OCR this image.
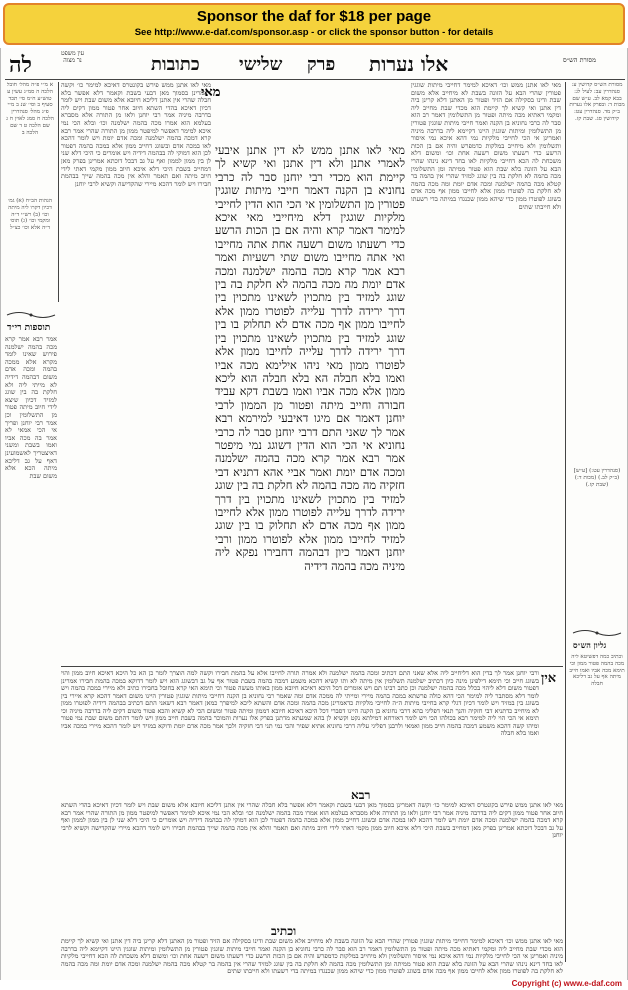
Sponsor the daf for $18 per page
See http://www.e-daf.com/sponsor.asp - or click the sponsor button - for details
לה	עין משפט
נר מצוה	כתובות שלישי פרק אלו נערות	מסורת הש״ס
א מ״י פ״ה מהל׳ חובל הלכה ה סמ״ג עשין ע טוש״ע ח״מ סי׳ תכד סעיף ב וסי׳ שנ ב מ״י פ״ג מהל׳ סנהדרין הלכה ח סמג לאוין ח ג שם הלכה ט ד שם הלכה ב
הגהות הב״ח (א) גמ׳ דכיון דקרו ליה מיתה וכו׳ (ב) רש״י ד״ה ומקמי וכו׳ (ג) תוס׳ ד״ה אלא וכו׳ כצ״ל
תוספות רי״ד
אמר רבא אמר קרא מכה בהמה ישלמנה פירוש שאינו לומד מקרא אלא ממכה בהמה ומכה אדם משום דבהמה דידיה לא מייתי ליה ולא חלקת בה בין שוגג למזיד דכיון שיצא לידי חיוב מיתה פטור מן התשלומין וכן אמר רבי יוחנן ופריך אי הכי אמאי לא אמר בה מכה אביו ואמו בשבת ומשני דאיצטריך לאשמועינן דאף על גב דליכא מיתה הכא אלא משום שבת
מאי לאו אתנן ממש פירש בקונטרס דאיכא למימר כו׳ וקשה דאמרינן בסמוך מאן דבעי בשבת וקאמר דלא אפשר בלא חבלה שהרי אין אתנן דליכא חיובא אלא משום שבת ויש לומר דכיון דאיכא בהדי השתא חיוב אחר פטור ממון דקים ליה בדרבה מיניה אמר רבי יוחנן ולאו מן התורה אלא מסברא בעלמא הוא אמרו מכה בהמה ישלמנה וכו׳ ובלא הכי נמי איכא למימר דאפשר למיפטר ממון מן התורה שהרי אמר רבא קרא דמכה בהמה ישלמנה ומכה אדם יומת ויש לומר דהכא לאו במכה אדם ובשוגג דחייב ממון אלא במכה בהמה דפטור לכן הוא דמוקי לה בבהמה דידיה ויש אומרים כי היכי דלא שני לן בין ממון לממון ואף על גב דבכל דוכתא אמרינן בפרק מאן דמחייב בשבת היכי דלא איכא חיוב ממון מקמי דאתי לידי חיוב מיתה ואם תאמר והלא אין מכה בהמה שייך בבהמת חבירו ויש לומר דהכא מיירי שהקדישה וקשיא לרבי יוחנן
מאי
מאי לאו אתנן ממש לא דין אתנן איבעי לאמרי אתנן ולא דין אתנן ואי קשיא לך קיימת הוא מכדי רבי יוחנן סבר לה כרבי נחוניא בן הקנה דאמר חייבי מיתות שוגגין פטורין מן התשלומין אי הכי הוא הדין לחייבי מלקיות שוגגין דלא מיחייבי מאי איכא למימר דאמר קרא והיה אם בן הכות הרשע כדי רשעתו משום רשעה אחת אתה מחייבו ואי אתה מחייבו משום שתי רשעיות ואמר רבא אמר קרא מכה בהמה ישלמנה ומכה אדם יומת מה מכה בהמה לא חלקת בה בין שוגג למזיד בין מתכוין לשאינו מתכוין בין דרך ירידה לדרך עלייה לפוטרו ממון אלא לחייבו ממון אף מכה אדם לא תחלוק בו בין שוגג למזיד בין מתכוין לשאינו מתכוין בין דרך ירידה לדרך עלייה לחייבו ממון אלא לפוטרו ממון מאי ניהו אילימא מכה אביו ואמו בלא חבלה הא בלא חבלה הוא ליכא ממון אלא מכה אביו ואמו בשבת דקא עביד חבורה וחייב מיתה ופטור מן הממון לרבי יוחנן דאמר אם מיגו דאיבעי למירמא רבא אמר לך שאני התם דרבי יוחנן סבר לה כרבי נחוניא אי הכי הוא הדין דשוגג נמי מיפטר אמר רבא אמר קרא מכה בהמה ישלמנה ומכה אדם יומת ואמר אביי אהא דתניא דבי חזקיה מה מכה בהמה לא חלקת בה בין שוגג למזיד בין מתכוין לשאינו מתכוין בין דרך ירידה לדרך עלייה לפוטרו ממון אלא לחייבו ממון אף מכה אדם לא תחלוק בו בין שוגג למזיד לחייבו ממון אלא לפוטרו ממון ורבי יוחנן דאמר כיון דבהמה דחבירו נפקא ליה מיניה מכה בהמה דידיה
מאי לאו אתנן ממש וכו׳ דאיכא למימר דחייבי מיתות שוגגין פטורין שהרי הבא על הזונה בשבת לא מיחייב אלא משום שבת ודינו בסקילה אם הזיד ופטור מן האתנן דלא קרינן ביה דין אתנן ואי קשיא לך קיימת הוא מכדי שבת מחייב ליה ומקמי דאתיא מכה מיתה ופטור מן התשלומין דאמר רב הוא סבר לה כרבי נחוניא בן הקנה ואמר חייבי מיתות שוגגין פטורין מן התשלומין ומיתות שוגגין היינו דקיימא ליה בדרבה מיניה ואמרינן אי הכי לחייבי מלקיות נמי דהא איכא נמי איסור ותשלומין ולא מיחייב במלקות כדמפרש והיה אם בן הכות הרשע כדי רשעתו משום רשעה אחת וכו׳ ומשום דלא משכחת לה הכא דחייבי מלקיות לאו בחד דינא נינהו שהרי הבא על הזונה בלא שבת הוא פטור ממיתה ומן התשלומין מכה בהמה לא חלקת בה בין שוגג למזיד שהרי אין בהמה בר קטלא מכה בהמה ישלמנה ומכה אדם יומת ומה מכה בהמה לא חלקת בה לפוטרו ממון אלא לחייבו ממון אף מכה אדם בשוגג לפוטרו ממון כדי שיהא ממון שכנגדו במיתה בדי רשעתו ולא חייבתו שתים
מסורת הש״ס קדושין ע: סנהדרין עב: לעיל לג: בבא קמא לב. ע״ש שם מכות ד: ובפרק אלו נערות ב״ק מד. סנהדרין עט: קידושין סג. שבת קז.
(סנהדרין עט:) [ע״ש] (ב״ק לב.) (מכות ד:) (שבת קז.)
גליון הש״ס
וכתיב כמה דפשיטא ליה מכה בהמה פטור ממון וכי תימא מכה אביו ואמו חייב מיתה אף על גב דליכא חבלה
אין
ורבי יוחנן אמר לך בדין הוא דליחייב ליה אלא שאני התם דכתיב ומכה בהמה ישלמנה ולא אמרה תורה לחייבו אלא על בהמת חבירו וקשה למה הוצרך לומר כן הא כל היכא דאיכא חיוב ממון והוי בשוגג חייב וכי תימא דילפינן מינה כיון דכתיב ישלמנה תשלומין אין מיתה לא ותו קשיא דהכא משמע דמכה בהמה בשבת פטור אף על גב דבשוגג הוא ויש לומר דדוקא במכה בהמת חבירו אמרינן דפטור משום דלא ליהוי בכלל מכה בהמה ישלמנה וכן כתב רבינו תם ויש אומרים דכל היכא דאיכא חיובא ממון באותו מעשה פטור וכי תימא האי קרא בחובל בחבירו כתיב ולא מיירי במכה בהמה ויש לומר דלא מסתבר ליה למימר הכי דהא כולה פרשתא במכה בהמה מיירי ומייתי לה ממכה אדם ומה שאמר רבי נחוניא בן הקנה דחייבי מיתות שוגגין פטורין היינו משום דאמר דהכא קרא איירי בין בשוגג בין במזיד ויש לומר דכיון דגלי קרא בחייבי מיתות ה״ה לחייבי מלקיות כדאמרינן מכה בהמה ומכה אדם והשתא ליכא למיפרך כמאן דאמר רבא דשאני התם דכתיב בבהמה דידיה לפוטרו ממון לא מיחייב כדתניא דבי חזקיה והנך תנאי דפליגי בהא דרבי נחוניא בן הקנה היינו דסברי דכל היכא דאיכא חיובא דממון ומיתה פטור ומשום הכי לא קשיא והכא פטור משום דקים ליה בדרבה מיניה וכי תימא אי הכי הוי ליה למימר רבא בכולהו הכי ויש לומר דאורחא דמילתא נקט וקשיא לן בהא שמעתא מדתנן בפרק אלו נערות והמוכר בהמה בשבת חייב ממון ויש לומר דהתם משום שבת נמי פטור ומיהו קשה דהכא משמע דמכה בהמה חייב ממון ואמאי ולרבנן דפליגי עליה דרבי נחוניא אתיא שפיר והכי נמי תני דבי חזקיה ולכך אמר מכה אדם יומת ודוקא במזיד ויש לומר דהכא מיירי במכה אביו ואמו בלא חבלה
רבא
מאי לאו אתנן ממש פירש בקונטרס דאיכא למימר כו׳ וקשה דאמרינן בסמוך מאן דבעי בשבת וקאמר דלא אפשר בלא חבלה שהרי אין אתנן דליכא חיובא אלא משום שבת ויש לומר דכיון דאיכא בהדי השתא חיוב אחר פטור ממון דקים ליה בדרבה מיניה אמר רבי יוחנן ולאו מן התורה אלא מסברא בעלמא הוא אמרו מכה בהמה ישלמנה וכו׳ ובלא הכי נמי איכא למימר דאפשר למיפטר ממון מן התורה שהרי אמר רבא קרא דמכה בהמה ישלמנה ומכה אדם יומת ויש לומר דהכא לאו במכה אדם ובשוגג דחייב ממון אלא במכה בהמה דפטור לכן הוא דמוקי לה בבהמה דידיה ויש אומרים כי היכי דלא שני לן בין ממון לממון ואף על גב דבכל דוכתא אמרינן בפרק מאן דמחייב בשבת היכי דלא איכא חיוב ממון מקמי דאתי לידי חיוב מיתה ואם תאמר והלא אין מכה בהמה שייך בבהמת חבירו ויש לומר דהכא מיירי שהקדישה וקשיא לרבי יוחנן
וכתיב
מאי לאו אתנן ממש וכו׳ דאיכא למימר דחייבי מיתות שוגגין פטורין שהרי הבא על הזונה בשבת לא מיחייב אלא משום שבת ודינו בסקילה אם הזיד ופטור מן האתנן דלא קרינן ביה דין אתנן ואי קשיא לך קיימת הוא מכדי שבת מחייב ליה ומקמי דאתיא מכה מיתה ופטור מן התשלומין דאמר רב הוא סבר לה כרבי נחוניא בן הקנה ואמר חייבי מיתות שוגגין פטורין מן התשלומין ומיתות שוגגין היינו דקיימא ליה בדרבה מיניה ואמרינן אי הכי לחייבי מלקיות נמי דהא איכא נמי איסור ותשלומין ולא מיחייב במלקות כדמפרש והיה אם בן הכות הרשע כדי רשעתו משום רשעה אחת וכו׳ ומשום דלא משכחת לה הכא דחייבי מלקיות לאו בחד דינא נינהו שהרי הבא על הזונה בלא שבת הוא פטור ממיתה ומן התשלומין מכה בהמה לא חלקת בה בין שוגג למזיד שהרי אין בהמה בר קטלא מכה בהמה ישלמנה ומכה אדם יומת ומה מכה בהמה לא חלקת בה לפוטרו ממון אלא לחייבו ממון אף מכה אדם בשוגג לפוטרו ממון כדי שיהא ממון שכנגדו במיתה בדי רשעתו ולא חייבתו שתים
Copyright (c) www.e-daf.com
